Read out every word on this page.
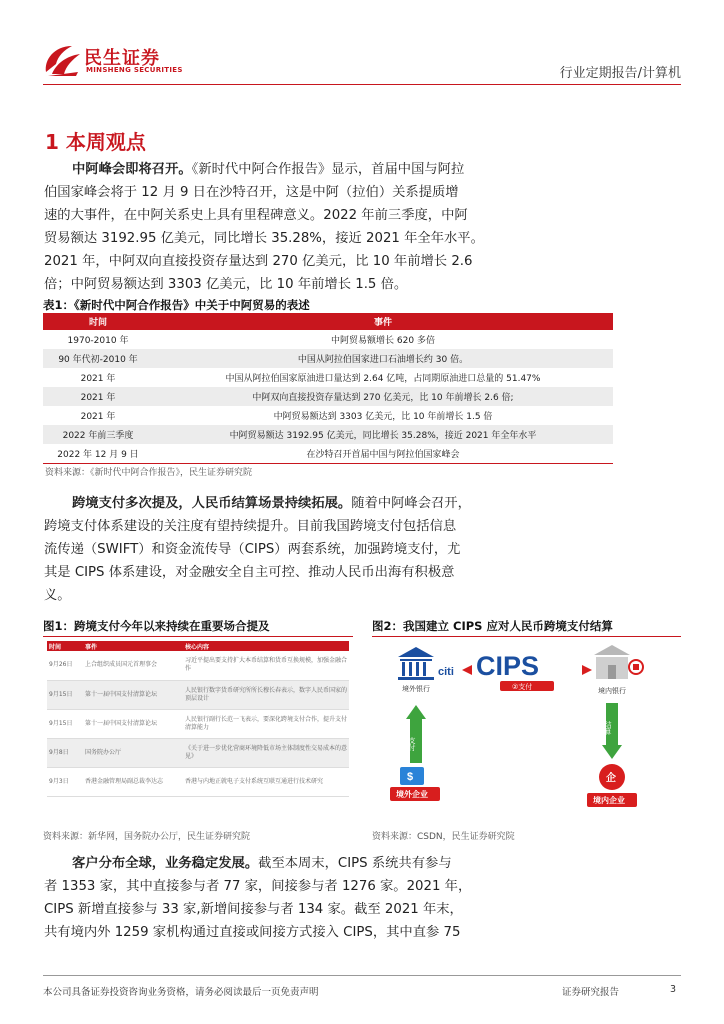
民生证券
MINSHENG SECURITIES	行业定期报告/计算机
1 本周观点
中阿峰会即将召开。《新时代中阿合作报告》显示，首届中国与阿拉
伯国家峰会将于 12 月 9 日在沙特召开，这是中阿（拉伯）关系提质增
速的大事件，在中阿关系史上具有里程碑意义。2022 年前三季度，中阿
贸易额达 3192.95 亿美元，同比增长 35.28%，接近 2021 年全年水平。
2021 年，中阿双向直接投资存量达到 270 亿美元，比 10 年前增长 2.6
倍；中阿贸易额达到 3303 亿美元，比 10 年前增长 1.5 倍。
表1：《新时代中阿合作报告》中关于中阿贸易的表述
时间	事件
1970-2010 年	中阿贸易额增长 620 多倍
90 年代初-2010 年	中国从阿拉伯国家进口石油增长约 30 倍。
2021 年	中国从阿拉伯国家原油进口量达到 2.64 亿吨，占同期原油进口总量的 51.47%
2021 年	中阿双向直接投资存量达到 270 亿美元，比 10 年前增长 2.6 倍;
2021 年	中阿贸易额达到 3303 亿美元，比 10 年前增长 1.5 倍
2022 年前三季度	中阿贸易额达 3192.95 亿美元，同比增长 35.28%，接近 2021 年全年水平
2022 年 12 月 9 日	在沙特召开首届中国与阿拉伯国家峰会
资料来源：《新时代中阿合作报告》，民生证券研究院
跨境支付多次提及，人民币结算场景持续拓展。随着中阿峰会召开，
跨境支付体系建设的关注度有望持续提升。目前我国跨境支付包括信息
流传递（SWIFT）和资金流传导（CIPS）两套系统，加强跨境支付，尤
其是 CIPS 体系建设，对金融安全自主可控、推动人民币出海有积极意
义。
图1：跨境支付今年以来持续在重要场合提及
时间	事件	核心内容
9月26日	上合组织成员国元首理事会	习近平提出要支持扩大本币结算和货币互换规模，加强金融合作
9月15日	第十一届中国支付清算论坛	人民银行数字货币研究所所长穆长春表示，数字人民币国家的顶层设计
9月15日	第十一届中国支付清算论坛	人民银行副行长范一飞表示，要深化跨境支付合作，提升支付清算能力
9月8日	国务院办公厅	《关于进一步优化营商环境降低市场主体制度性交易成本的意见》
9月3日	香港金融管理局副总裁李达志	香港与内地正就电子支付系统互联互通进行技术研究
资料来源：新华网，国务院办公厅，民生证券研究院
图2：我国建立 CIPS 应对人民币跨境支付结算
citi
境外银行
CIPS
②支付	境内银行
支付
结算
$
境外企业
企
境内企业
资料来源：CSDN，民生证券研究院
客户分布全球，业务稳定发展。截至本周末，CIPS 系统共有参与
者 1353 家，其中直接参与者 77 家，间接参与者 1276 家。2021 年，
CIPS 新增直接参与 33 家,新增间接参与者 134 家。截至 2021 年末，
共有境内外 1259 家机构通过直接或间接方式接入 CIPS，其中直参 75
本公司具备证券投资咨询业务资格，请务必阅读最后一页免责声明	证券研究报告	3
